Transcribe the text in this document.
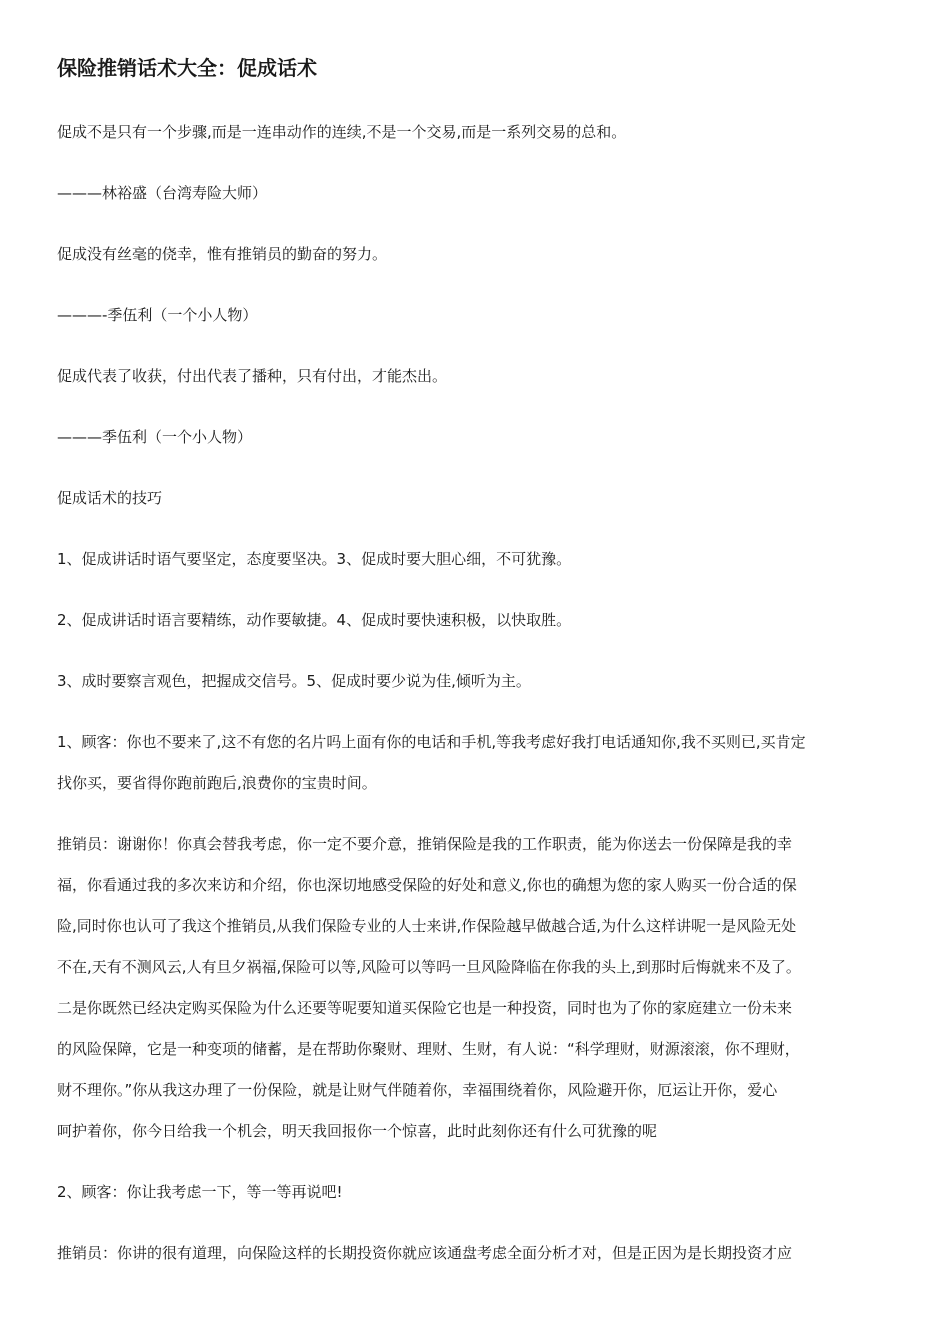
保险推销话术大全：促成话术

促成不是只有一个步骤,而是一连串动作的连续,不是一个交易,而是一系列交易的总和。

———林裕盛（台湾寿险大师）

促成没有丝毫的侥幸，惟有推销员的勤奋的努力。

———-季伍利（一个小人物）

促成代表了收获，付出代表了播种，只有付出，才能杰出。

———季伍利（一个小人物）

促成话术的技巧

1、促成讲话时语气要坚定，态度要坚决。3、促成时要大胆心细，不可犹豫。

2、促成讲话时语言要精练，动作要敏捷。4、促成时要快速积极，以快取胜。

3、成时要察言观色，把握成交信号。5、促成时要少说为佳,倾听为主。

1、顾客：你也不要来了,这不有您的名片吗上面有你的电话和手机,等我考虑好我打电话通知你,我不买则已,买肯定
找你买，要省得你跑前跑后,浪费你的宝贵时间。
推销员：谢谢你！你真会替我考虑，你一定不要介意，推销保险是我的工作职责，能为你送去一份保障是我的幸
福，你看通过我的多次来访和介绍，你也深切地感受保险的好处和意义,你也的确想为您的家人购买一份合适的保
险,同时你也认可了我这个推销员,从我们保险专业的人士来讲,作保险越早做越合适,为什么这样讲呢一是风险无处
不在,天有不测风云,人有旦夕祸福,保险可以等,风险可以等吗一旦风险降临在你我的头上,到那时后悔就来不及了。
二是你既然已经决定购买保险为什么还要等呢要知道买保险它也是一种投资，同时也为了你的家庭建立一份未来
的风险保障，它是一种变项的储蓄，是在帮助你聚财、理财、生财，有人说：“科学理财，财源滚滚，你不理财，
财不理你。”你从我这办理了一份保险，就是让财气伴随着你，幸福围绕着你，风险避开你，厄运让开你，爱心
呵护着你，你今日给我一个机会，明天我回报你一个惊喜，此时此刻你还有什么可犹豫的呢

2、顾客：你让我考虑一下，等一等再说吧!

推销员：你讲的很有道理，向保险这样的长期投资你就应该通盘考虑全面分析才对，但是正因为是长期投资才应
